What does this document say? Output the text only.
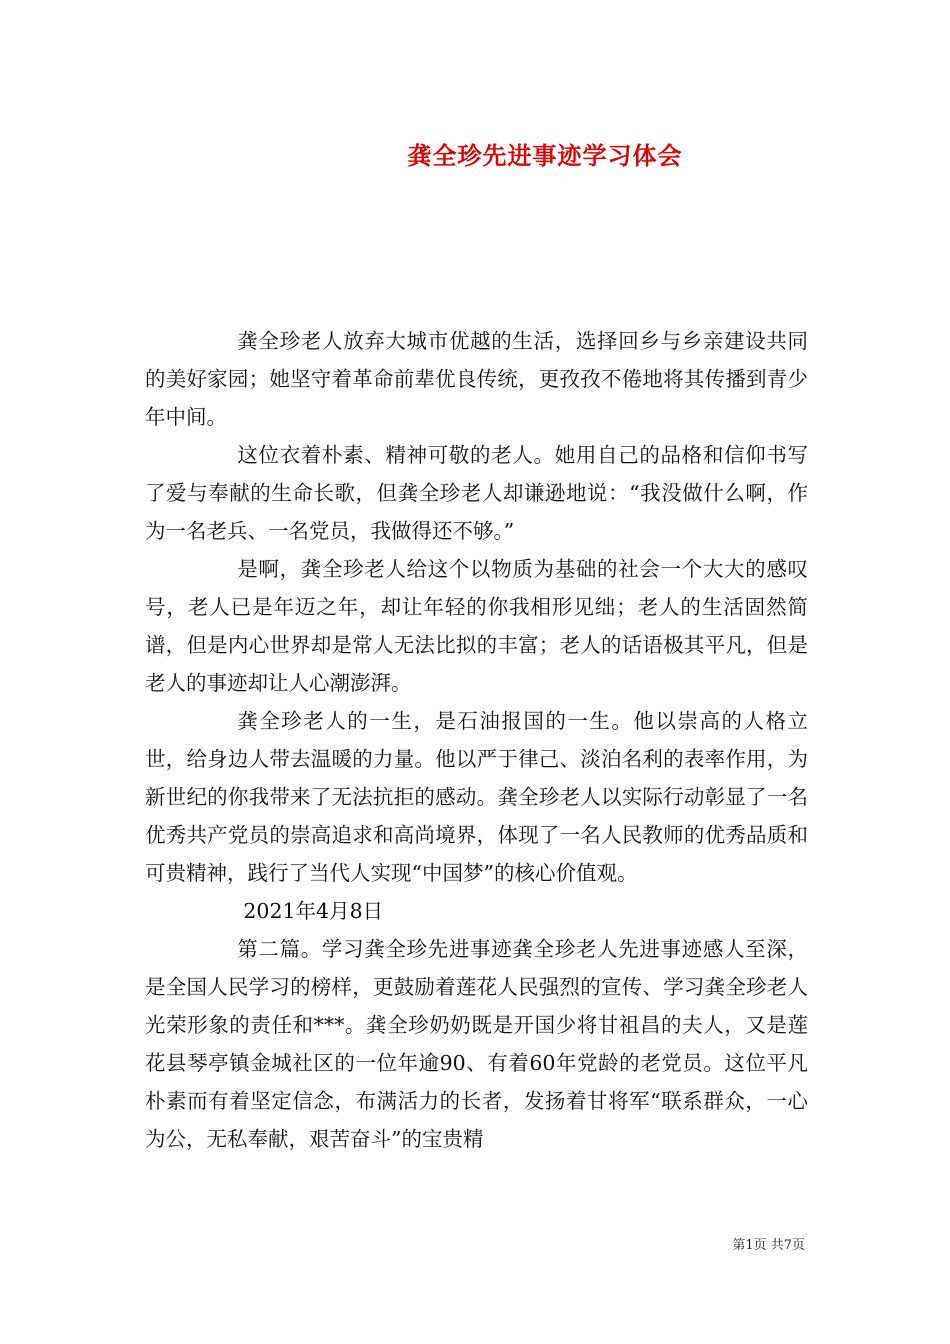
龚全珍先进事迹学习体会

龚全珍老人放弃大城市优越的生活，选择回乡与乡亲建设共同的美好家园；她坚守着革命前辈优良传统，更孜孜不倦地将其传播到青少年中间。

这位衣着朴素、精神可敬的老人。她用自己的品格和信仰书写了爱与奉献的生命长歌，但龚全珍老人却谦逊地说：“我没做什么啊，作为一名老兵、一名党员，我做得还不够。”

是啊，龚全珍老人给这个以物质为基础的社会一个大大的感叹号，老人已是年迈之年，却让年轻的你我相形见绌；老人的生活固然简谱，但是内心世界却是常人无法比拟的丰富；老人的话语极其平凡，但是老人的事迹却让人心潮澎湃。

龚全珍老人的一生，是石油报国的一生。他以崇高的人格立世，给身边人带去温暖的力量。他以严于律己、淡泊名利的表率作用，为新世纪的你我带来了无法抗拒的感动。龚全珍老人以实际行动彰显了一名优秀共产党员的崇高追求和高尚境界，体现了一名人民教师的优秀品质和可贵精神，践行了当代人实现“中国梦”的核心价值观。

2021年4月8日

第二篇。学习龚全珍先进事迹龚全珍老人先进事迹感人至深，是全国人民学习的榜样，更鼓励着莲花人民强烈的宣传、学习龚全珍老人光荣形象的责任和***。龚全珍奶奶既是开国少将甘祖昌的夫人，又是莲花县琴亭镇金城社区的一位年逾90、有着60年党龄的老党员。这位平凡朴素而有着坚定信念，布满活力的长者，发扬着甘将军“联系群众，一心为公，无私奉献，艰苦奋斗”的宝贵精

第1页 共7页
